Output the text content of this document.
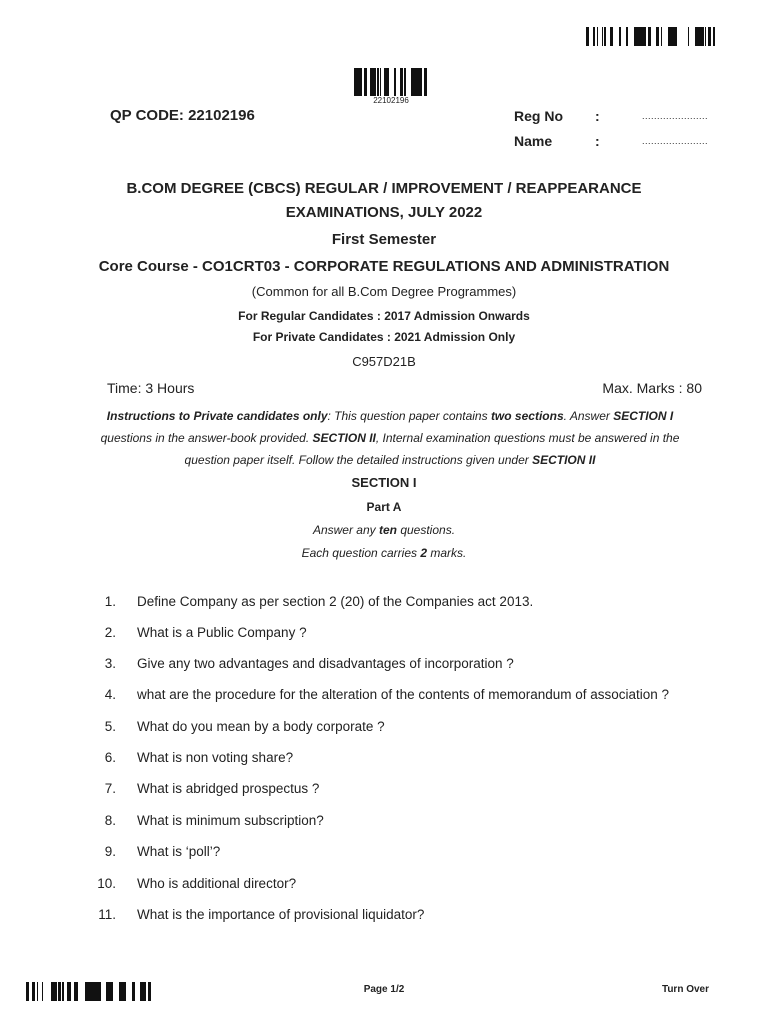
22102196
QP CODE: 22102196	Reg No :	......................
Name	:	......................
B.COM DEGREE (CBCS) REGULAR / IMPROVEMENT / REAPPEARANCE
EXAMINATIONS, JULY 2022
First Semester
Core Course - CO1CRT03 - CORPORATE REGULATIONS AND ADMINISTRATION
(Common for all B.Com Degree Programmes)
For Regular Candidates : 2017 Admission Onwards
For Private Candidates : 2021 Admission Only
C957D21B
Time: 3 Hours	Max. Marks : 80
Instructions to Private candidates only: This question paper contains two sections. Answer SECTION I
questions in the answer-book provided. SECTION II, Internal examination questions must be answered in the
question paper itself. Follow the detailed instructions given under SECTION II
SECTION I
Part A
Answer any ten questions.
Each question carries 2 marks.
1. Define Company as per section 2 (20) of the Companies act 2013.
2. What is a Public Company ?
3. Give any two advantages and disadvantages of incorporation ?
4. what are the procedure for the alteration of the contents of memorandum of association ?
5. What do you mean by a body corporate ?
6. What is non voting share?
7. What is abridged prospectus ?
8. What is minimum subscription?
9. What is ‘poll’?
10. Who is additional director?
11. What is the importance of provisional liquidator?
Page 1/2	Turn Over
